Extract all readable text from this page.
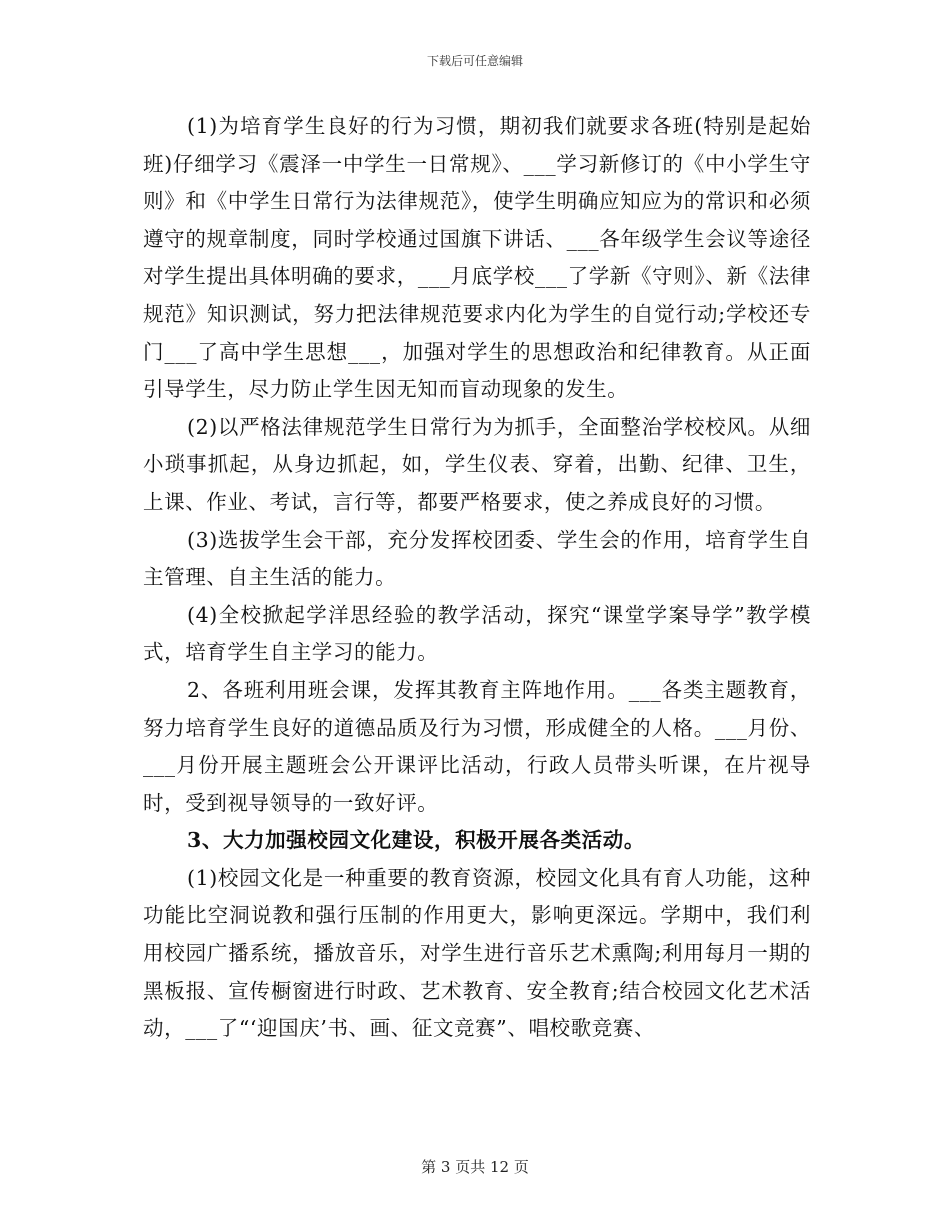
下载后可任意编辑

(1)为培育学生良好的行为习惯，期初我们就要求各班(特别是起始班)仔细学习《震泽一中学生一日常规》、___学习新修订的《中小学生守则》和《中学生日常行为法律规范》，使学生明确应知应为的常识和必须遵守的规章制度，同时学校通过国旗下讲话、___各年级学生会议等途径对学生提出具体明确的要求，___月底学校___了学新《守则》、新《法律规范》知识测试，努力把法律规范要求内化为学生的自觉行动;学校还专门___了高中学生思想___，加强对学生的思想政治和纪律教育。从正面引导学生，尽力防止学生因无知而盲动现象的发生。

(2)以严格法律规范学生日常行为为抓手，全面整治学校校风。从细小琐事抓起，从身边抓起，如，学生仪表、穿着，出勤、纪律、卫生，上课、作业、考试，言行等，都要严格要求，使之养成良好的习惯。

(3)选拔学生会干部，充分发挥校团委、学生会的作用，培育学生自主管理、自主生活的能力。

(4)全校掀起学洋思经验的教学活动，探究“课堂学案导学”教学模式，培育学生自主学习的能力。

2、各班利用班会课，发挥其教育主阵地作用。___各类主题教育，努力培育学生良好的道德品质及行为习惯，形成健全的人格。___月份、___月份开展主题班会公开课评比活动，行政人员带头听课，在片视导时，受到视导领导的一致好评。

3、大力加强校园文化建设，积极开展各类活动。

(1)校园文化是一种重要的教育资源，校园文化具有育人功能，这种功能比空洞说教和强行压制的作用更大，影响更深远。学期中，我们利用校园广播系统，播放音乐，对学生进行音乐艺术熏陶;利用每月一期的黑板报、宣传橱窗进行时政、艺术教育、安全教育;结合校园文化艺术活动，___了“‘迎国庆’书、画、征文竞赛”、唱校歌竞赛、

第 3 页共 12 页
